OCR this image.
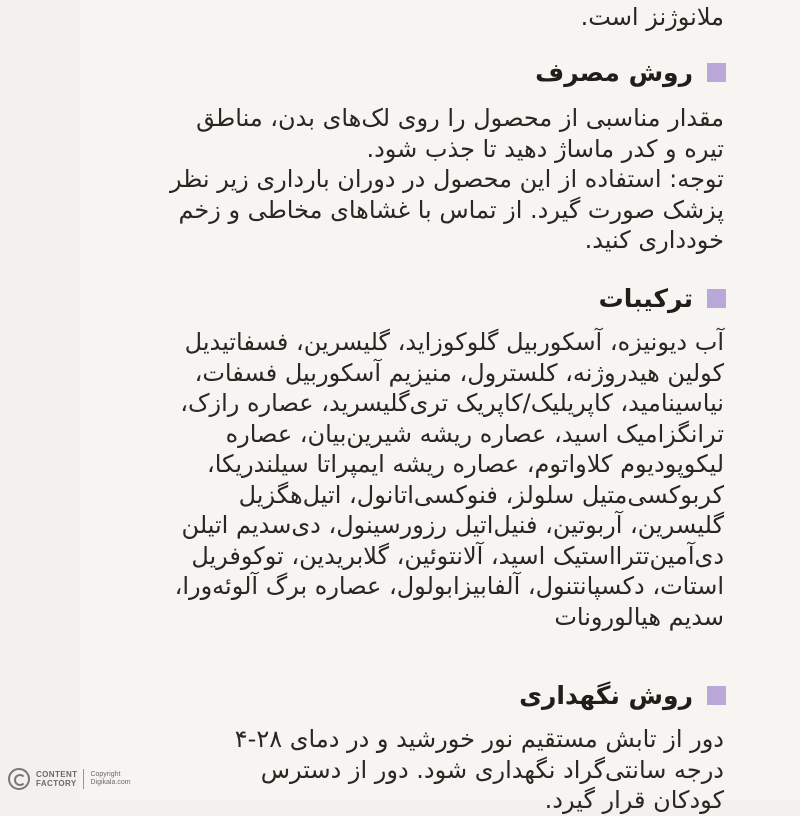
ملانوژنز است.
روش مصرف
مقدار مناسبی از محصول را روی لک‌های بدن، مناطق
تیره و کدر ماساژ دهید تا جذب شود.
توجه: استفاده از این محصول در دوران بارداری زیر نظر
پزشک صورت گیرد. از تماس با غشاهای مخاطی و زخم
خودداری کنید.
ترکیبات
آب دیونیزه، آسکوربیل گلوکوزاید، گلیسرین، فسفاتیدیل
کولین هیدروژنه، کلسترول، منیزیم آسکوربیل فسفات،
نیاسینامید، کاپریلیک/کاپریک تری‌گلیسرید، عصاره رازک،
ترانگزامیک اسید، عصاره ریشه شیرین‌بیان، عصاره
لیکوپودیوم کلاواتوم، عصاره ریشه ایمپراتا سیلندریکا،
کربوکسی‌متیل سلولز، فنوکسی‌اتانول، اتیل‌هگزیل
گلیسرین، آربوتین، فنیل‌اتیل رزورسینول، دی‌سدیم اتیلن
دی‌آمین‌تترااستیک اسید، آلانتوئین، گلابریدین، توکوفریل
استات، دکسپانتنول، آلفابیزابولول، عصاره برگ آلوئه‌ورا،
سدیم هیالورونات
روش نگهداری
دور از تابش مستقیم نور خورشید و در دمای ۲۸-۴
درجه سانتی‌گراد نگهداری شود. دور از دسترس
کودکان قرار گیرد.
CONTENT
FACTORY
Copyright
Digikala.com
